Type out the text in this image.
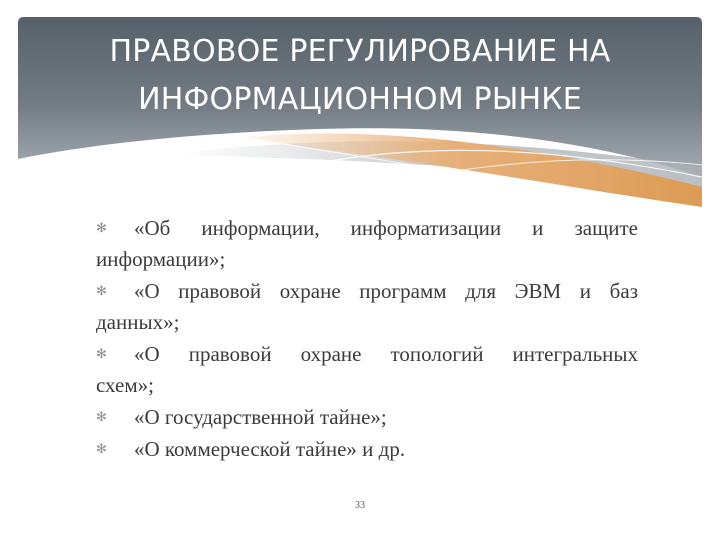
ПРАВОВОЕ РЕГУЛИРОВАНИЕ НА
ИНФОРМАЦИОННОМ РЫНКЕ
✻	«Об информации, информатизации и защите
информации»;
✻	«О правовой охране программ для ЭВМ и баз
данных»;
✻	«О правовой охране топологий интегральных
схем»;
✻	«О государственной тайне»;
✻	«О коммерческой тайне» и др.
33
